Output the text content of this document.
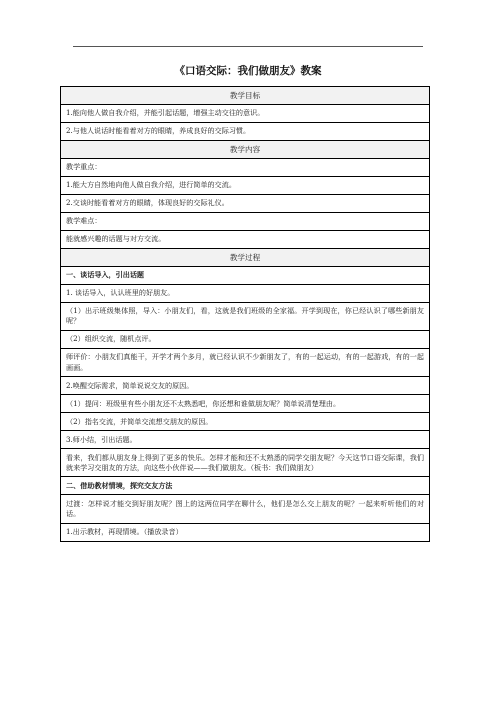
《口语交际：我们做朋友》教案
教学目标
1.能向他人做自我介绍，并能引起话题，增强主动交往的意识。
2.与他人说话时能看着对方的眼睛，养成良好的交际习惯。
教学内容
教学重点：
1.能大方自然地向他人做自我介绍，进行简单的交流。
2.交谈时能看着对方的眼睛，体现良好的交际礼仪。
教学难点：
能就感兴趣的话题与对方交流。
教学过程
一、谈话导入，引出话题
1. 谈话导入，认认班里的好朋友。
（1）出示班级集体照，导入：小朋友们，看，这就是我们班级的全家福。开学到现在，你已经认识了哪些新朋友呢？
（2）组织交流，随机点评。
师评价：小朋友们真能干，开学才两个多月，就已经认识不少新朋友了，有的一起运动，有的一起游戏，有的一起画画。
2.唤醒交际需求，简单说说交友的原因。
（1）提问：班级里有些小朋友还不太熟悉吧，你还想和谁做朋友呢？简单说清楚理由。
（2）指名交流，并简单交流想交朋友的原因。
3.师小结，引出话题。
看来，我们都从朋友身上得到了更多的快乐。怎样才能和还不太熟悉的同学交朋友呢？今天这节口语交际课，我们就来学习交朋友的方法，向这些小伙伴说——我们做朋友。（板书：我们做朋友）
二、借助教材情境，探究交友方法
过渡：怎样说才能交到好朋友呢？图上的这两位同学在聊什么，他们是怎么交上朋友的呢？一起来听听他们的对话。
1.出示教材，再现情境。（播放录音）
